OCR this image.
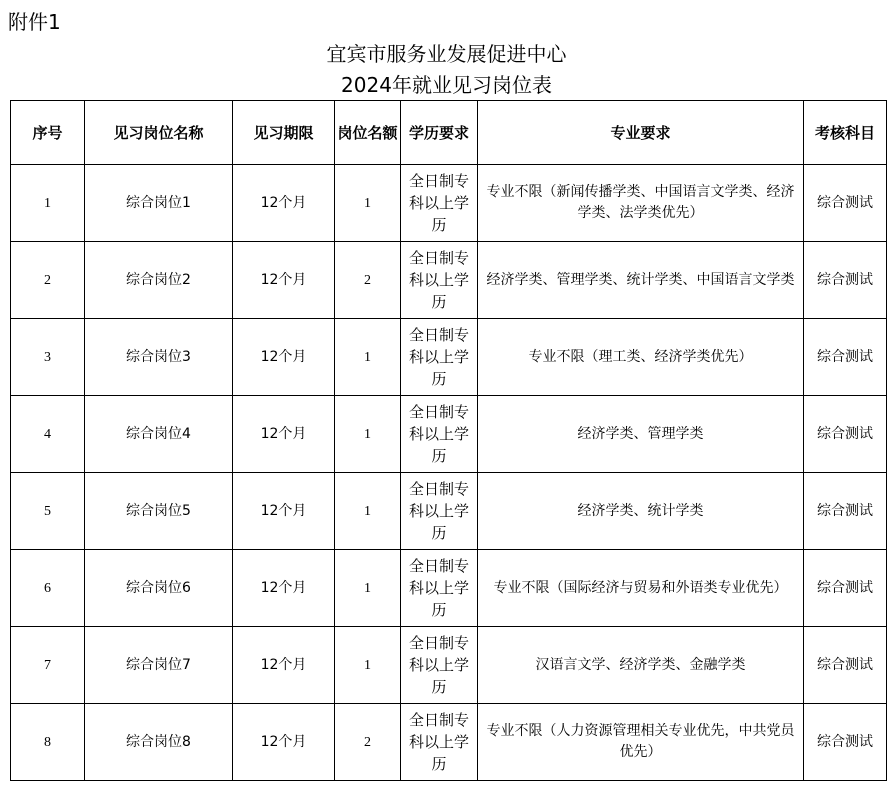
附件1
宜宾市服务业发展促进中心
2024年就业见习岗位表
序号	见习岗位名称	见习期限	岗位名额	学历要求	专业要求	考核科目
1	综合岗位1	12个月	1	全日制专科以上学历	专业不限（新闻传播学类、中国语言文学类、经济学类、法学类优先）	综合测试
2	综合岗位2	12个月	2	全日制专科以上学历	经济学类、管理学类、统计学类、中国语言文学类	综合测试
3	综合岗位3	12个月	1	全日制专科以上学历	专业不限（理工类、经济学类优先）	综合测试
4	综合岗位4	12个月	1	全日制专科以上学历	经济学类、管理学类	综合测试
5	综合岗位5	12个月	1	全日制专科以上学历	经济学类、统计学类	综合测试
6	综合岗位6	12个月	1	全日制专科以上学历	专业不限（国际经济与贸易和外语类专业优先）	综合测试
7	综合岗位7	12个月	1	全日制专科以上学历	汉语言文学、经济学类、金融学类	综合测试
8	综合岗位8	12个月	2	全日制专科以上学历	专业不限（人力资源管理相关专业优先，中共党员优先）	综合测试
